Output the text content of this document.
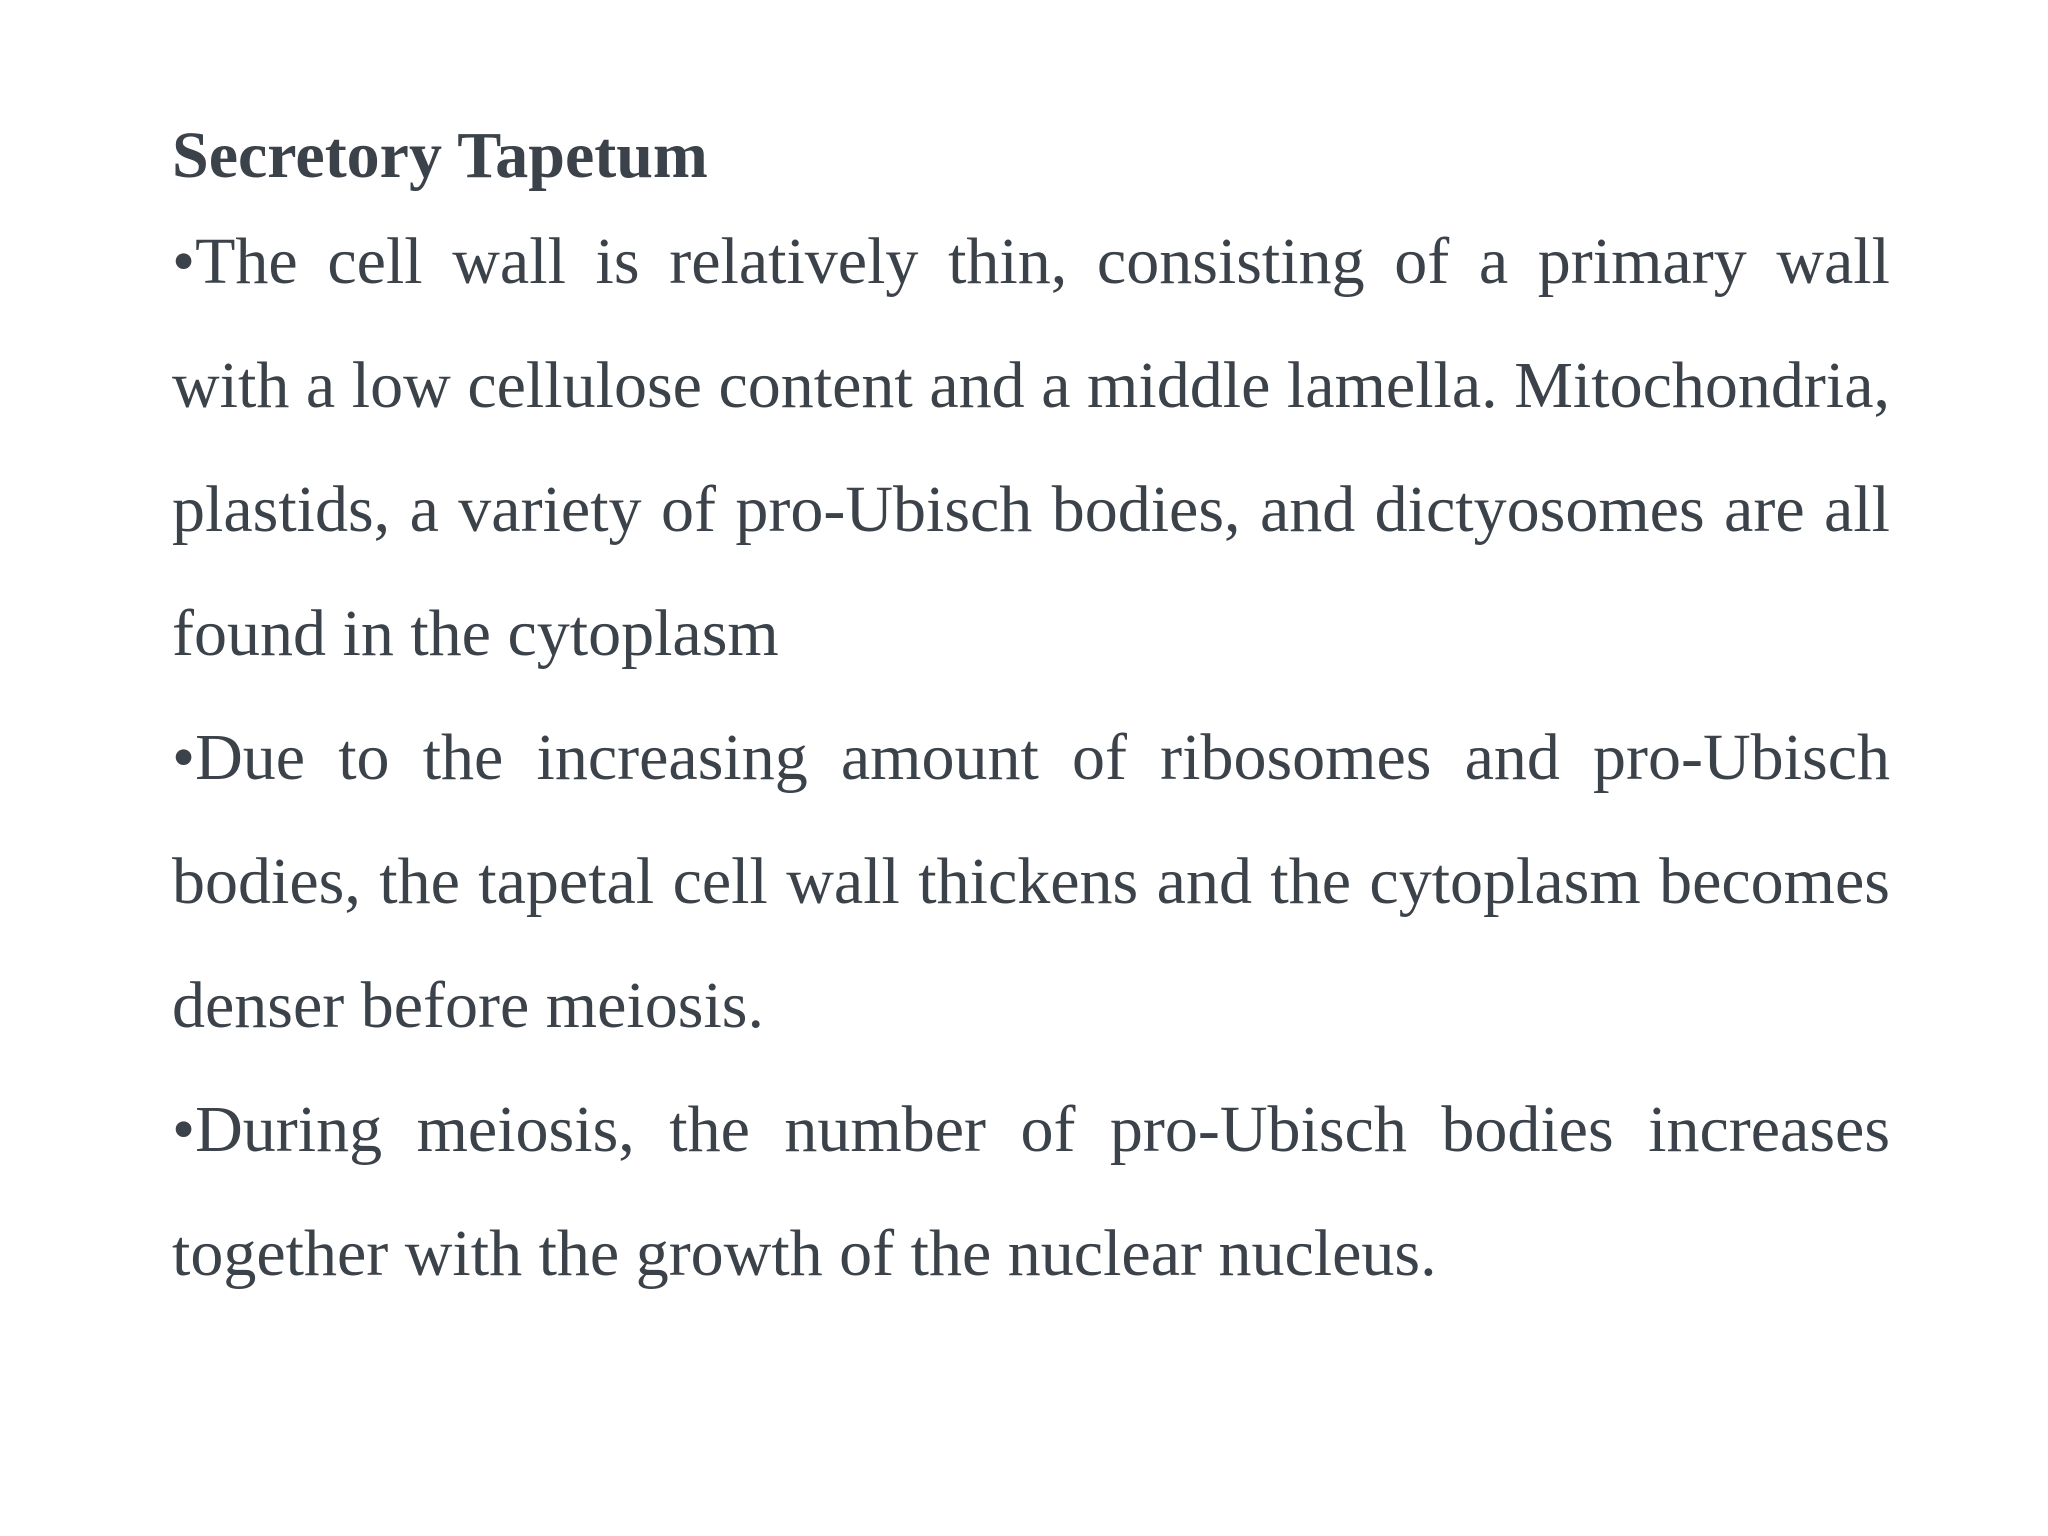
Secretory Tapetum
•The cell wall is relatively thin, consisting of a primary wall with a low cellulose content and a middle lamella. Mitochondria, plastids, a variety of pro-Ubisch bodies, and dictyosomes are all found in the cytoplasm
•Due to the increasing amount of ribosomes and pro-Ubisch bodies, the tapetal cell wall thickens and the cytoplasm becomes denser before meiosis.
•During meiosis, the number of pro-Ubisch bodies increases together with the growth of the nuclear nucleus.
